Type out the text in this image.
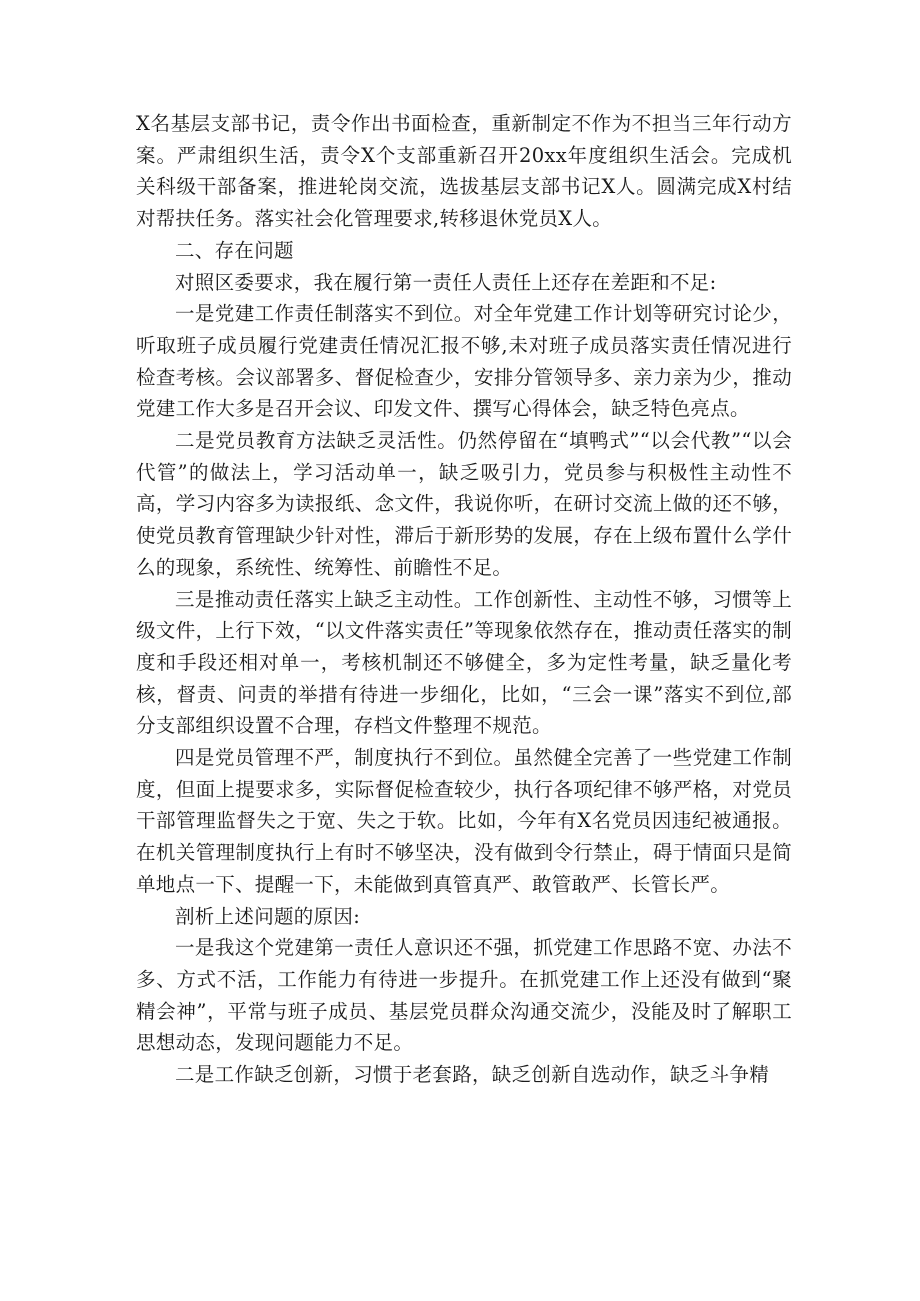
X名基层支部书记，责令作出书面检查，重新制定不作为不担当三年行动方案。严肃组织生活，责令X个支部重新召开20xx年度组织生活会。完成机关科级干部备案，推进轮岗交流，选拔基层支部书记X人。圆满完成X村结对帮扶任务。落实社会化管理要求,转移退休党员X人。

二、存在问题

对照区委要求，我在履行第一责任人责任上还存在差距和不足:

一是党建工作责任制落实不到位。对全年党建工作计划等研究讨论少，听取班子成员履行党建责任情况汇报不够,未对班子成员落实责任情况进行检查考核。会议部署多、督促检查少，安排分管领导多、亲力亲为少，推动党建工作大多是召开会议、印发文件、撰写心得体会，缺乏特色亮点。

二是党员教育方法缺乏灵活性。仍然停留在“填鸭式”“以会代教”“以会代管”的做法上，学习活动单一，缺乏吸引力，党员参与积极性主动性不高，学习内容多为读报纸、念文件，我说你听，在研讨交流上做的还不够，使党员教育管理缺少针对性，滞后于新形势的发展，存在上级布置什么学什么的现象，系统性、统筹性、前瞻性不足。

三是推动责任落实上缺乏主动性。工作创新性、主动性不够，习惯等上级文件，上行下效，“以文件落实责任”等现象依然存在，推动责任落实的制度和手段还相对单一，考核机制还不够健全，多为定性考量，缺乏量化考核，督责、问责的举措有待进一步细化，比如，“三会一课”落实不到位,部分支部组织设置不合理，存档文件整理不规范。

四是党员管理不严，制度执行不到位。虽然健全完善了一些党建工作制度，但面上提要求多，实际督促检查较少，执行各项纪律不够严格，对党员干部管理监督失之于宽、失之于软。比如，今年有X名党员因违纪被通报。在机关管理制度执行上有时不够坚决，没有做到令行禁止，碍于情面只是简单地点一下、提醒一下，未能做到真管真严、敢管敢严、长管长严。

剖析上述问题的原因:

一是我这个党建第一责任人意识还不强，抓党建工作思路不宽、办法不多、方式不活，工作能力有待进一步提升。在抓党建工作上还没有做到“聚精会神”，平常与班子成员、基层党员群众沟通交流少，没能及时了解职工思想动态，发现问题能力不足。

二是工作缺乏创新，习惯于老套路，缺乏创新自选动作，缺乏斗争精
